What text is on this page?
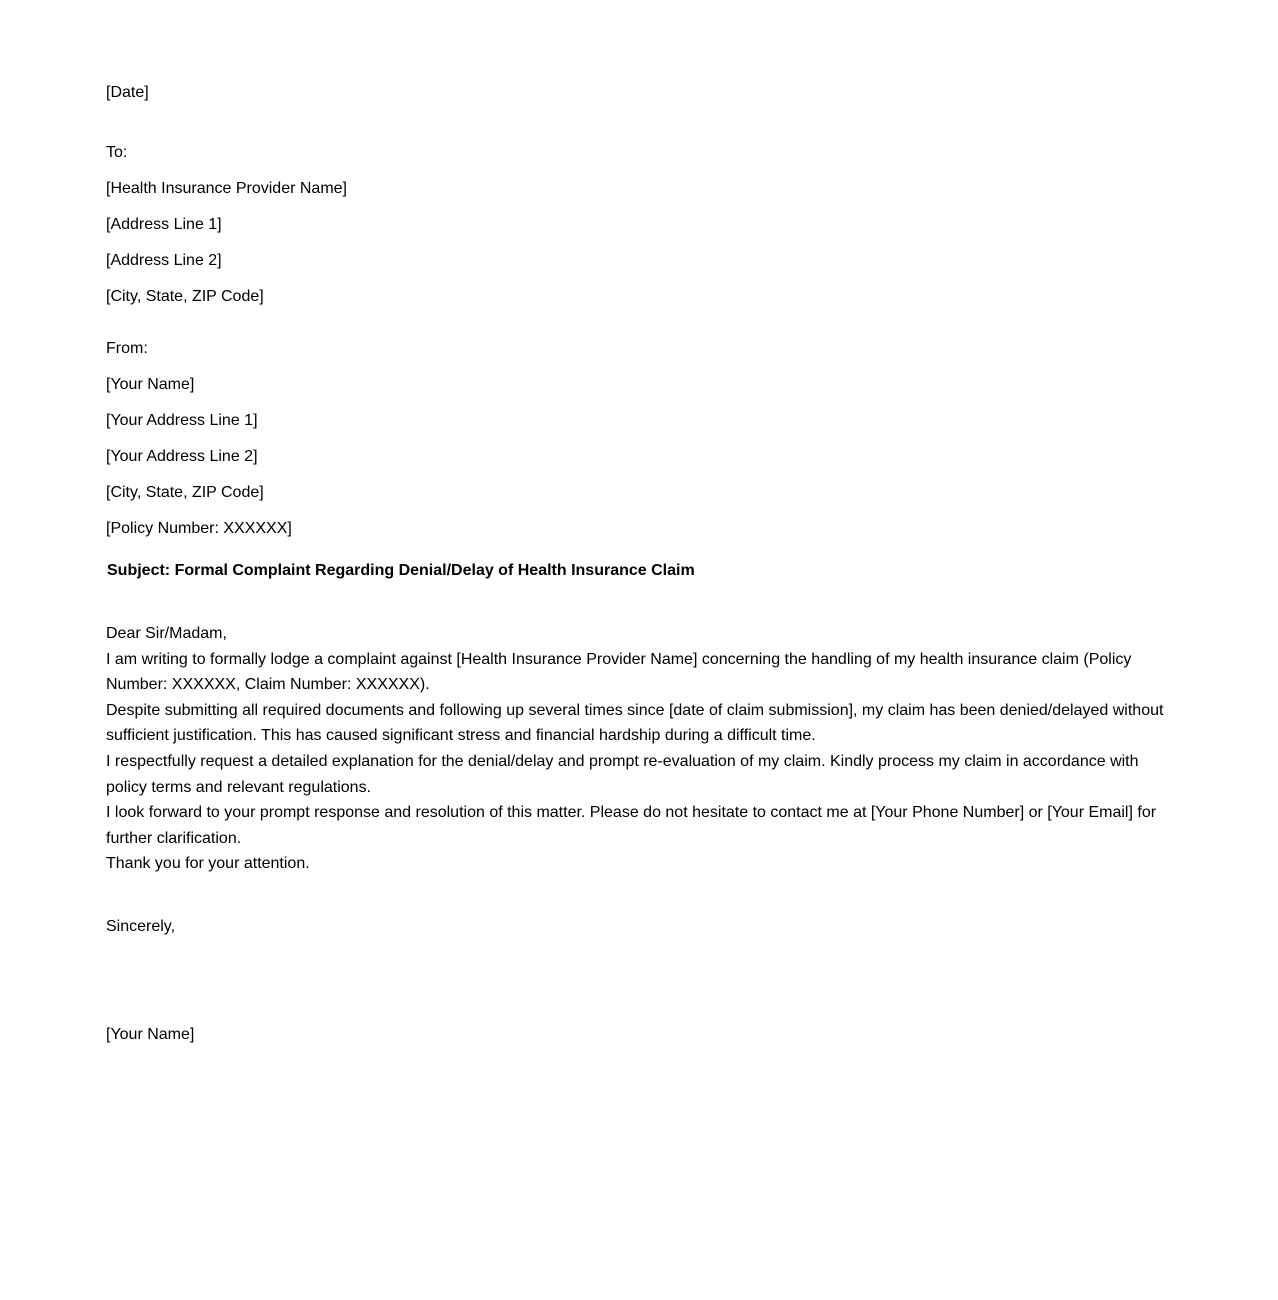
[Date]
To:
[Health Insurance Provider Name]
[Address Line 1]
[Address Line 2]
[City, State, ZIP Code]
From:
[Your Name]
[Your Address Line 1]
[Your Address Line 2]
[City, State, ZIP Code]
[Policy Number: XXXXXX]
Subject: Formal Complaint Regarding Denial/Delay of Health Insurance Claim

Dear Sir/Madam,

I am writing to formally lodge a complaint against [Health Insurance Provider Name] concerning the handling of my health insurance claim (Policy Number: XXXXXX, Claim Number: XXXXXX).

Despite submitting all required documents and following up several times since [date of claim submission], my claim has been denied/delayed without sufficient justification. This has caused significant stress and financial hardship during a difficult time.

I respectfully request a detailed explanation for the denial/delay and prompt re-evaluation of my claim. Kindly process my claim in accordance with policy terms and relevant regulations.

I look forward to your prompt response and resolution of this matter. Please do not hesitate to contact me at [Your Phone Number] or [Your Email] for further clarification.

Thank you for your attention.

Sincerely,
[Your Name]
